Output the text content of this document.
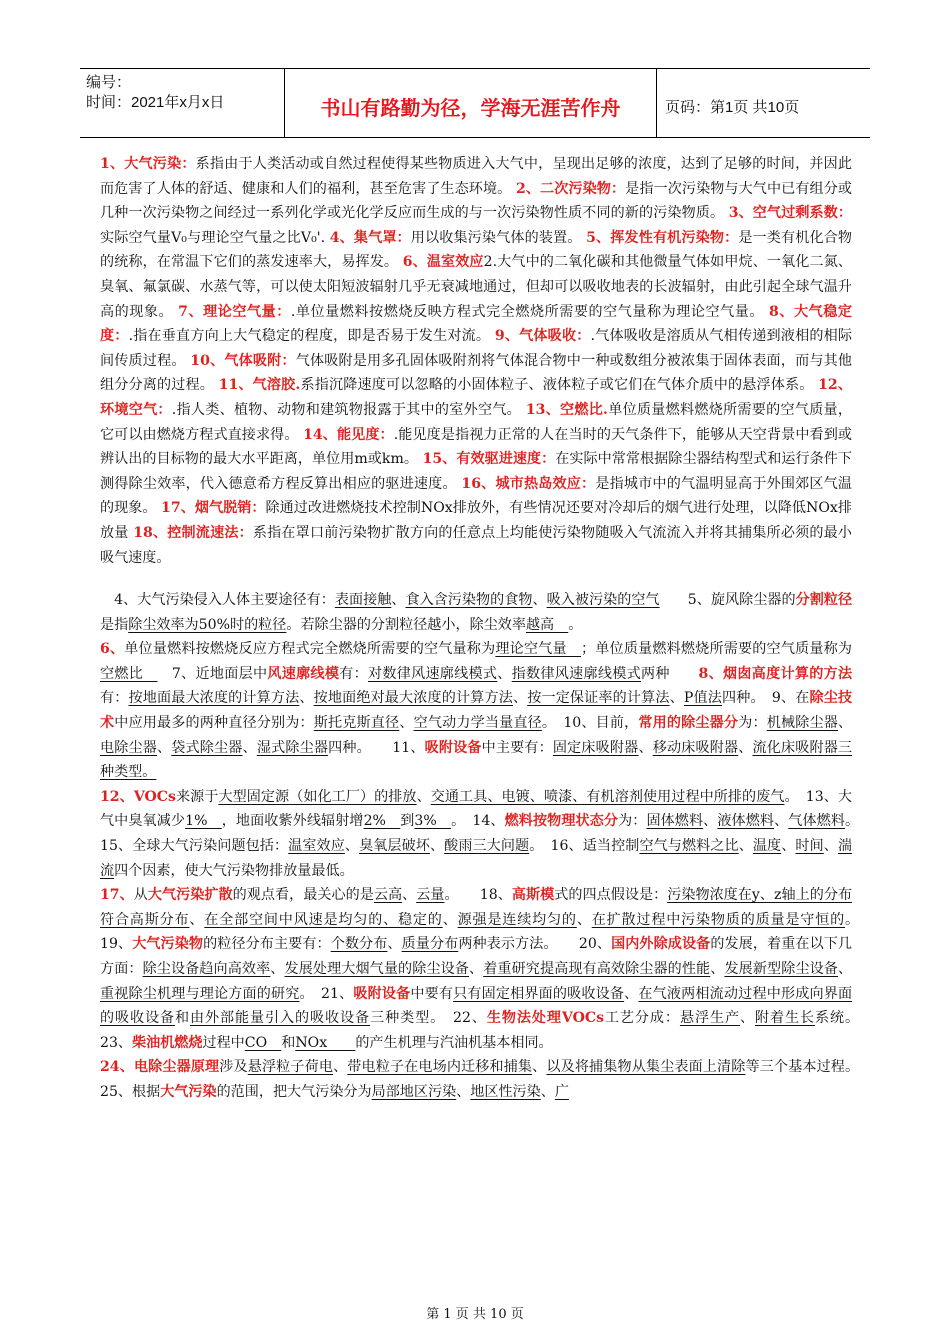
编号：
时间：2021年x月x日	书山有路勤为径，学海无涯苦作舟	页码：第1页 共10页

1、大气污染：系指由于人类活动或自然过程使得某些物质进入大气中，呈现出足够的浓度，达到了足够的时间，并因此而危害了人体的舒适、健康和人们的福利，甚至危害了生态环境。 2、二次污染物：是指一次污染物与大气中已有组分或几种一次污染物之间经过一系列化学或光化学反应而生成的与一次污染物性质不同的新的污染物质。 3、空气过剩系数：实际空气量V₀与理论空气量之比V₀'. 4、集气罩：用以收集污染气体的装置。 5、挥发性有机污染物：是一类有机化合物的统称，在常温下它们的蒸发速率大，易挥发。 6、温室效应2.大气中的二氧化碳和其他微量气体如甲烷、一氧化二氮、臭氧、氟氯碳、水蒸气等，可以使太阳短波辐射几乎无衰减地通过，但却可以吸收地表的长波辐射，由此引起全球气温升高的现象。 7、理论空气量：.单位量燃料按燃烧反映方程式完全燃烧所需要的空气量称为理论空气量。 8、大气稳定度：.指在垂直方向上大气稳定的程度，即是否易于发生对流。 9、气体吸收：.气体吸收是溶质从气相传递到液相的相际间传质过程。 10、气体吸附：气体吸附是用多孔固体吸附剂将气体混合物中一种或数组分被浓集于固体表面，而与其他组分分离的过程。 11、气溶胶.系指沉降速度可以忽略的小固体粒子、液体粒子或它们在气体介质中的悬浮体系。 12、环境空气：.指人类、植物、动物和建筑物报露于其中的室外空气。 13、空燃比.单位质量燃料燃烧所需要的空气质量，它可以由燃烧方程式直接求得。 14、能见度：.能见度是指视力正常的人在当时的天气条件下，能够从天空背景中看到或辨认出的目标物的最大水平距离，单位用m或km。 15、有效驱进速度：在实际中常常根据除尘器结构型式和运行条件下测得除尘效率，代入德意希方程反算出相应的驱进速度。 16、城市热岛效应：是指城市中的气温明显高于外围郊区气温的现象。 17、烟气脱销：除通过改进燃烧技术控制NOx排放外，有些情况还要对冷却后的烟气进行处理，以降低NOx排放量 18、控制流速法：系指在罩口前污染物扩散方向的任意点上均能使污染物随吸入气流流入并将其捕集所必须的最小吸气速度。

　4、大气污染侵入人体主要途径有：表面接触、食入含污染物的食物、吸入被污染的空气　　5、旋风除尘器的分割粒径是指除尘效率为50%时的粒径。若除尘器的分割粒径越小，除尘效率越高　。
6、单位量燃料按燃烧反应方程式完全燃烧所需要的空气量称为理论空气量　；单位质量燃料燃烧所需要的空气质量称为空燃比　　7、近地面层中风速廓线模有：对数律风速廓线模式、指数律风速廓线模式两种　　8、烟囱高度计算的方法有：按地面最大浓度的计算方法、按地面绝对最大浓度的计算方法、按一定保证率的计算法、P值法四种。　9、在除尘技术中应用最多的两种直径分别为：斯托克斯直径、空气动力学当量直径。　10、目前，常用的除尘器分为：机械除尘器、电除尘器、袋式除尘器、湿式除尘器四种。　　11、吸附设备中主要有：固定床吸附器、移动床吸附器、流化床吸附器三种类型。
12、VOCs来源于大型固定源（如化工厂）的排放、交通工具、电镀、喷漆、有机溶剂使用过程中所排的废气。　13、大气中臭氧减少1%　，地面收紫外线辐射增2%　到3%　。　14、燃料按物理状态分为：固体燃料、液体燃料、气体燃料。　15、全球大气污染问题包括：温室效应、臭氧层破坏、酸雨三大问题。　16、适当控制空气与燃料之比、温度、时间、湍流四个因素，使大气污染物排放量最低。
17、从大气污染扩散的观点看，最关心的是云高、云量。　　18、高斯模式的四点假设是：污染物浓度在y、z轴上的分布符合高斯分布、在全部空间中风速是均匀的、稳定的、源强是连续均匀的、在扩散过程中污染物质的质量是守恒的。　　19、大气污染物的粒径分布主要有：个数分布、质量分布两种表示方法。　　20、国内外除成设备的发展，着重在以下几方面：除尘设备趋向高效率、发展处理大烟气量的除尘设备、着重研究提高现有高效除尘器的性能、发展新型除尘设备、重视除尘机理与理论方面的研究。　21、吸附设备中要有只有固定相界面的吸收设备、在气液两相流动过程中形成向界面的吸收设备和由外部能量引入的吸收设备三种类型。　22、生物法处理VOCs工艺分成：悬浮生产、附着生长系统。　23、柴油机燃烧过程中CO　和NOx　　的产生机理与汽油机基本相同。
24、电除尘器原理涉及悬浮粒子荷电、带电粒子在电场内迁移和捕集、以及将捕集物从集尘表面上清除等三个基本过程。　25、根据大气污染的范围，把大气污染分为局部地区污染、地区性污染、广
第 1 页 共 10 页
